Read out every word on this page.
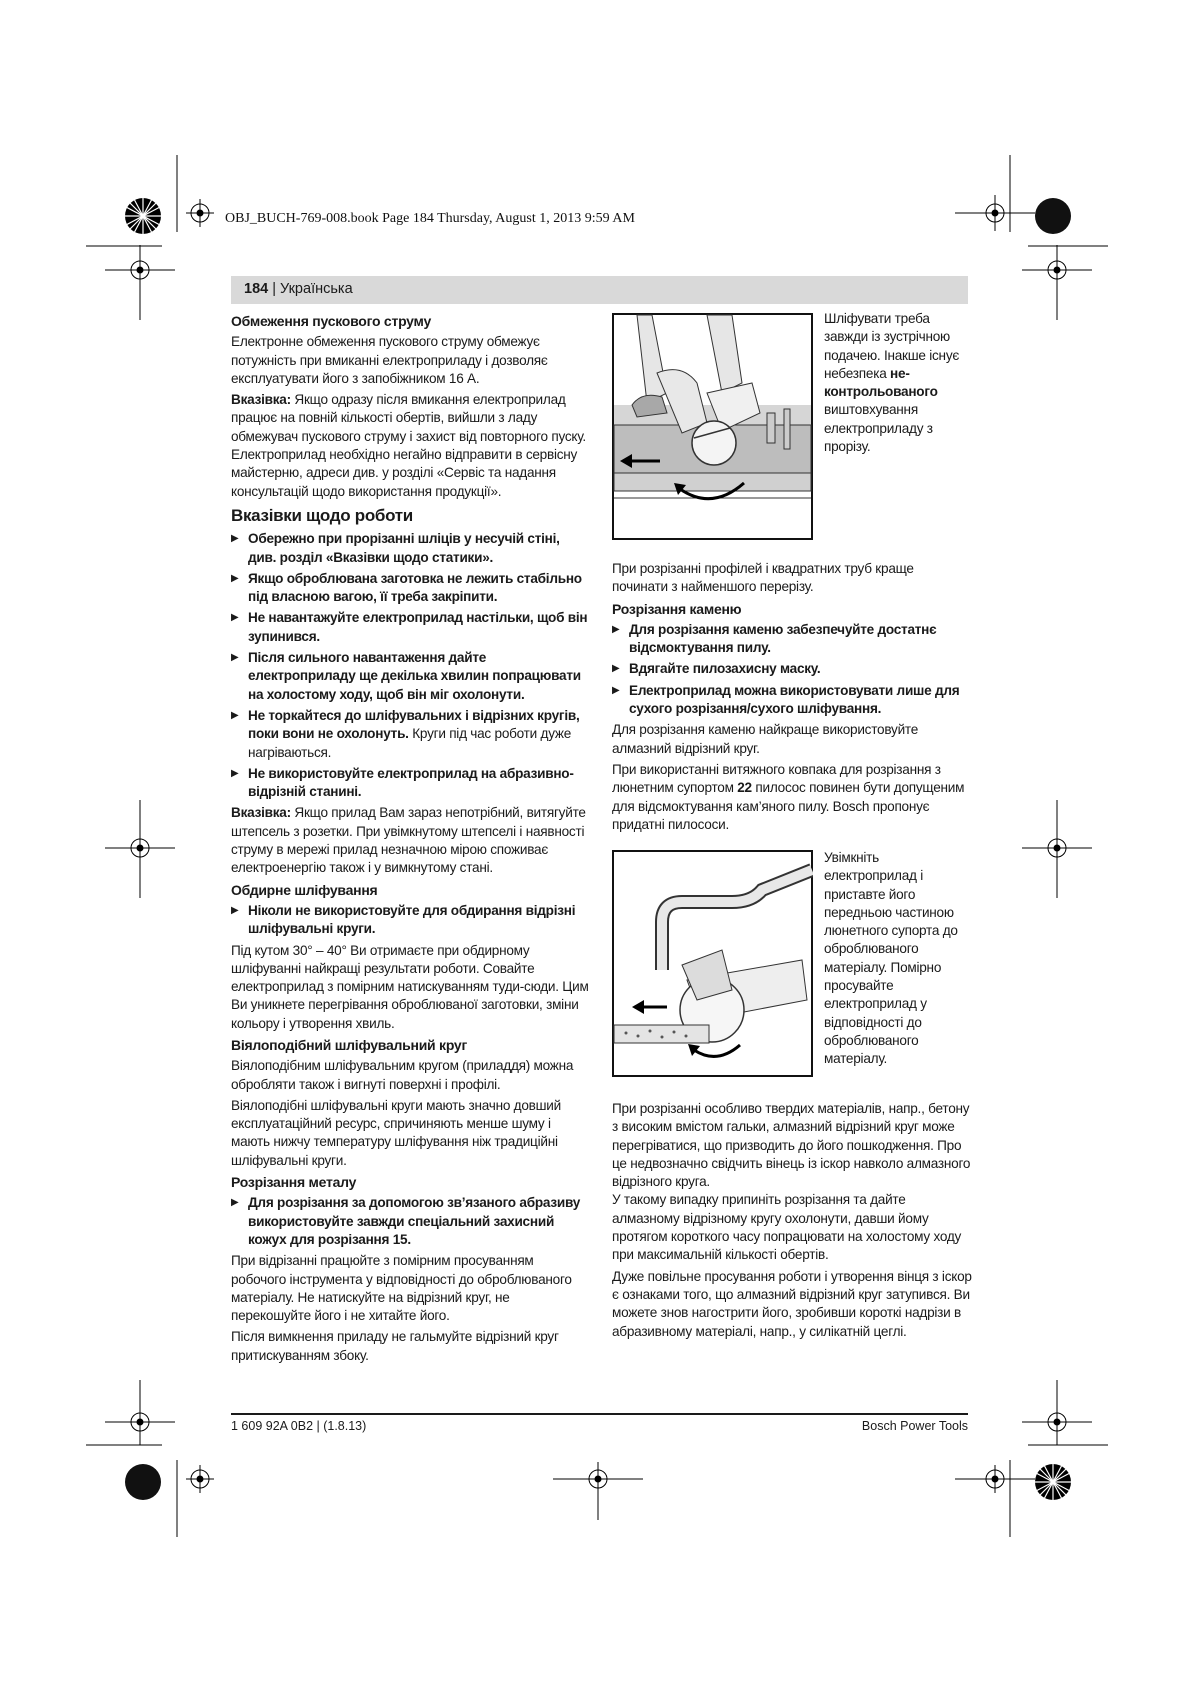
OBJ_BUCH-769-008.book Page 184 Thursday, August 1, 2013 9:59 AM
184 | Українська
Обмеження пускового струму

Електронне обмеження пускового струму обмежує потужність при вмиканні електроприладу і дозволяє експлуатувати його з запобіжником 16 A.

Вказівка: Якщо одразу після вмикання електроприлад працює на повній кількості обертів, вийшли з ладу обмежувач пускового струму і захист від повторного пуску. Електроприлад необхідно негайно відправити в сервісну майстерню, адреси див. у розділі «Сервіс та надання консультацій щодо використання продукції».

Вказівки щодо роботи
▶ Обережно при прорізанні шліців у несучій стіні, див. розділ «Вказівки щодо статики».
▶ Якщо оброблювана заготовка не лежить стабільно під власною вагою, її треба закріпити.
▶ Не навантажуйте електроприлад настільки, щоб він зупинився.
▶ Після сильного навантаження дайте електроприладу ще декілька хвилин попрацювати на холостому ходу, щоб він міг охолонути.
▶ Не торкайтеся до шліфувальних і відрізних кругів, поки вони не охолонуть. Круги під час роботи дуже нагріваються.
▶ Не використовуйте електроприлад на абразивно-відрізній станині.

Вказівка: Якщо прилад Вам зараз непотрібний, витягуйте штепсель з розетки. При увімкнутому штепселі і наявності струму в мережі прилад незначною мірою споживає електроенергію також і у вимкнутому стані.

Обдирне шліфування
▶ Ніколи не використовуйте для обдирання відрізні шліфувальні круги.

Під кутом 30° – 40° Ви отримаєте при обдирному шліфуванні найкращі результати роботи. Совайте електроприлад з помірним натискуванням туди-сюди. Цим Ви уникнете перегрівання оброблюваної заготовки, зміни кольору і утворення хвиль.

Віялоподібний шліфувальний круг

Віялоподібним шліфувальним кругом (приладдя) можна обробляти також і вигнуті поверхні і профілі.

Віялоподібні шліфувальні круги мають значно довший експлуатаційний ресурс, спричиняють менше шуму і мають нижчу температуру шліфування ніж традиційні шліфувальні круги.

Розрізання металу
▶ Для розрізання за допомогою зв’язаного абразиву використовуйте завжди спеціальний захисний кожух для розрізання 15.

При відрізанні працюйте з помірним просуванням робочого інструмента у відповідності до оброблюваного матеріалу. Не натискуйте на відрізний круг, не перекошуйте його і не хитайте його.

Після вимкнення приладу не гальмуйте відрізний круг притискуванням збоку.

Шліфувати треба завжди із зустрічною подачею. Інакше існує небезпека не-контрольованого виштовхування електроприладу з прорізу.

При розрізанні профілей і квадратних труб краще починати з найменшого перерізу.

Розрізання каменю
▶ Для розрізання каменю забезпечуйте достатнє відсмоктування пилу.
▶ Вдягайте пилозахисну маску.
▶ Електроприлад можна використовувати лише для сухого розрізання/сухого шліфування.

Для розрізання каменю найкраще використовуйте алмазний відрізний круг.

При використанні витяжного ковпака для розрізання з люнетним супортом 22 пилосос повинен бути допущеним для відсмоктування кам’яного пилу. Bosch пропонує придатні пилососи.

Увімкніть електроприлад і приставте його передньою частиною люнетного супорта до оброблюваного матеріалу. Помірно просувайте електроприлад у відповідності до оброблюваного матеріалу.

При розрізанні особливо твердих матеріалів, напр., бетону з високим вмістом гальки, алмазний відрізний круг може перегріватися, що призводить до його пошкодження. Про це недвозначно свідчить вінець із іскор навколо алмазного відрізного круга.

У такому випадку припиніть розрізання та дайте алмазному відрізному кругу охолонути, давши йому протягом короткого часу попрацювати на холостому ходу при максимальній кількості обертів.

Дуже повільне просування роботи і утворення вінця з іскор є ознаками того, що алмазний відрізний круг затупився. Ви можете знов нагострити його, зробивши короткі надрізи в абразивному матеріалі, напр., у силікатній цеглі.

1 609 92A 0B2 | (1.8.13)	Bosch Power Tools
